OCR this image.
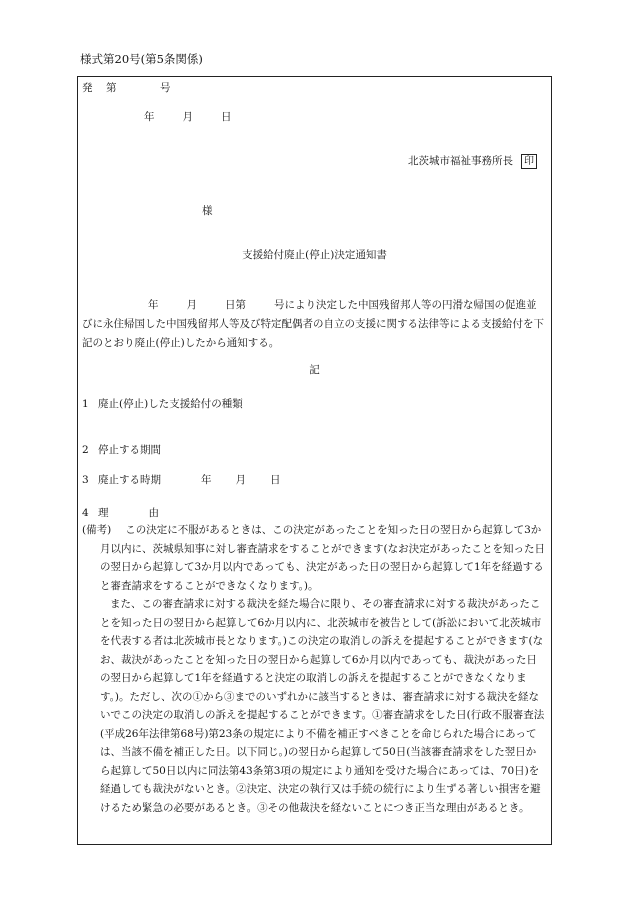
様式第20号(第5条関係)
発 第	号
年	月	日
北茨城市福祉事務所長 印
様
支援給付廃止(停止)決定通知書
年	月	日第	号により決定した中国残留邦人等の円滑な帰国の促進並びに永住帰国した中国残留邦人等及び特定配偶者の自立の支援に関する法律等による支援給付を下記のとおり廃止(停止)したから通知する。
記
1 廃止(停止)した支援給付の種類
2 停止する期間
3 廃止する時期	年 月 日
4 理	由

(備考) この決定に不服があるときは、この決定があったことを知った日の翌日から起算して3か月以内に、茨城県知事に対し審査請求をすることができます(なお決定があったことを知った日の翌日から起算して3か月以内であっても、決定があった日の翌日から起算して1年を経過すると審査請求をすることができなくなります。)。

また、この審査請求に対する裁決を経た場合に限り、その審査請求に対する裁決があったことを知った日の翌日から起算して6か月以内に、北茨城市を被告として(訴訟において北茨城市を代表する者は北茨城市長となります。)この決定の取消しの訴えを提起することができます(なお、裁決があったことを知った日の翌日から起算して6か月以内であっても、裁決があった日の翌日から起算して1年を経過すると決定の取消しの訴えを提起することができなくなります。)。ただし、次の①から③までのいずれかに該当するときは、審査請求に対する裁決を経ないでこの決定の取消しの訴えを提起することができます。①審査請求をした日(行政不服審査法(平成26年法律第68号)第23条の規定により不備を補正すべきことを命じられた場合にあっては、当該不備を補正した日。以下同じ。)の翌日から起算して50日(当該審査請求をした翌日から起算して50日以内に同法第43条第3項の規定により通知を受けた場合にあっては、70日)を経過しても裁決がないとき。②決定、決定の執行又は手続の続行により生ずる著しい損害を避けるため緊急の必要があるとき。③その他裁決を経ないことにつき正当な理由があるとき。
